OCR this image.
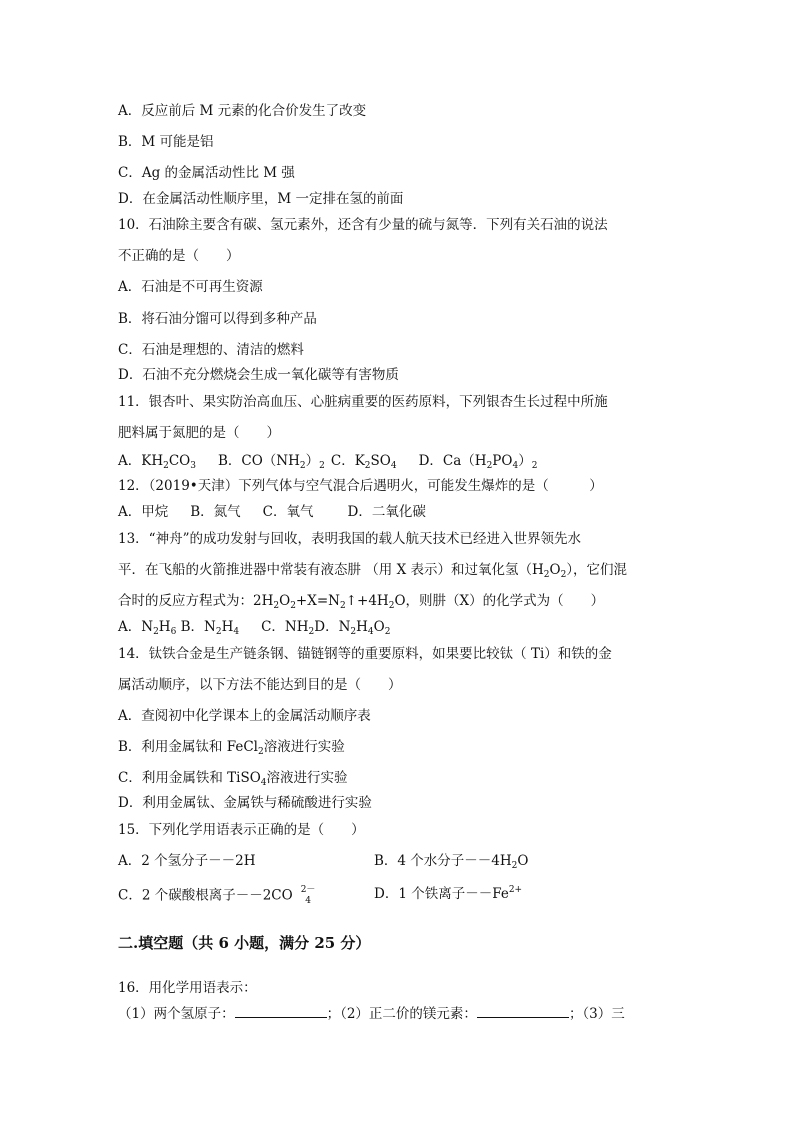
A．反应前后 M 元素的化合价发生了改变
B．M 可能是铝
C．Ag 的金属活动性比 M 强
D．在金属活动性顺序里，M 一定排在氢的前面
10．石油除主要含有碳、氢元素外，还含有少量的硫与氮等．下列有关石油的说法
不正确的是（　　）
A．石油是不可再生资源
B．将石油分馏可以得到多种产品
C．石油是理想的、清洁的燃料
D．石油不充分燃烧会生成一氧化碳等有害物质
11．银杏叶、果实防治高血压、心脏病重要的医药原料，下列银杏生长过程中所施
肥料属于氮肥的是（　　）
A．$KH_2CO_3$ B．$CO(NH_2)_2$ C．$K_2SO_4$ D．$Ca(H_2PO_4)_2$
12．（2019•天津）下列气体与空气混合后遇明火，可能发生爆炸的是（　　　）
A．甲烷 B．氮气 C．氧气	D．二氧化碳
13．“神舟”的成功发射与回收，表明我国的载人航天技术已经进入世界领先水
平．在飞船的火箭推进器中常装有液态肼 （用 X 表示）和过氧化氢$(H_2O_2)$，它们混
合时的反应方程式为：$2H_2O_2+X=N_2↑+4H_2O$，则肼（X）的化学式为（　　）
A．$N_2H_6$ B．$N_2H_4$ C．$NH_2D$．$N_2H_4O_2$
14．钛铁合金是生产链条钢、锚链钢等的重要原料，如果要比较钛（ Ti）和铁的金
属活动顺序，以下方法不能达到目的是（　　）
A．查阅初中化学课本上的金属活动顺序表
B．利用金属钛和 FeCl$_2$溶液进行实验
C．利用金属铁和 TiSO$_4$溶液进行实验
D．利用金属钛、金属铁与稀硫酸进行实验
15．下列化学用语表示正确的是（　　）
A．2 个氢分子－－2H	B．4 个水分子$--4H_2O$
C．2 个碳酸根离子－－2CO 2－
4	D．1 个铁离子$--Fe^{2+}$
二.填空题（共 6 小题，满分 25 分）
16．用化学用语表示：
（1）两个氢原子：	；（2）正二价的镁元素：	；（3）三
